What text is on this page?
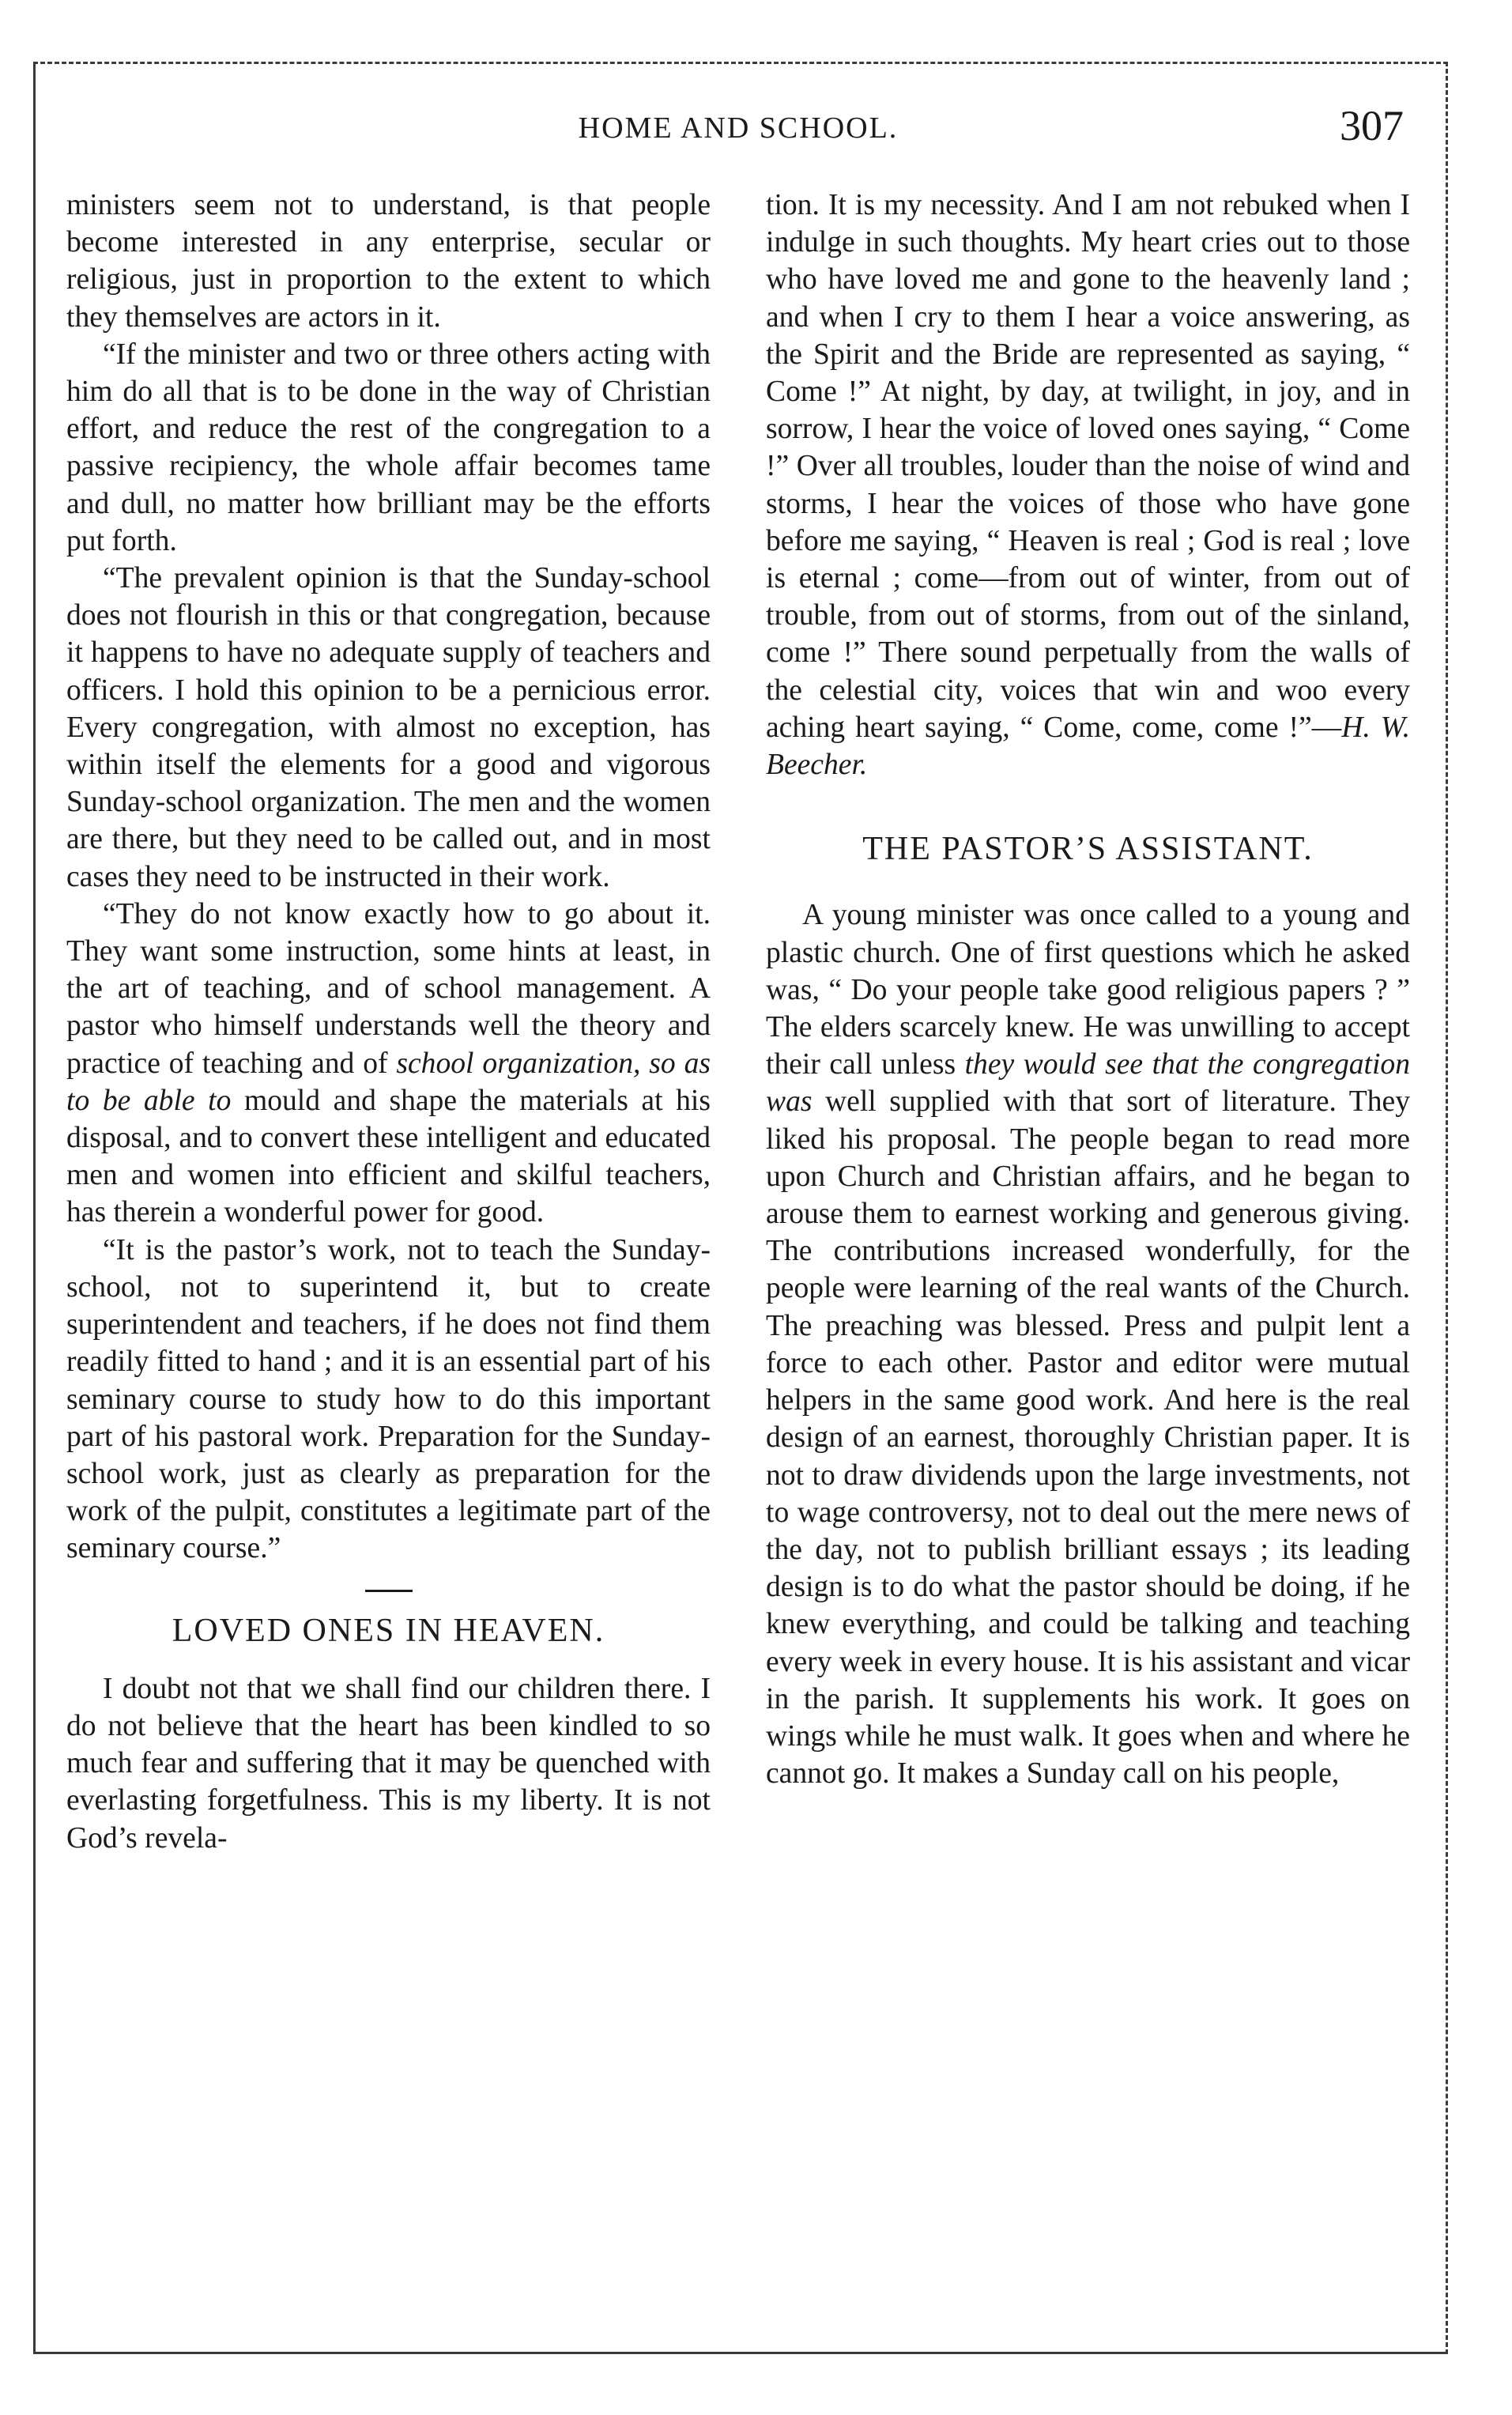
HOME AND SCHOOL.	307

ministers seem not to understand, is that people become interested in any enterprise, secular or religious, just in proportion to the extent to which they themselves are actors in it.

“If the minister and two or three others acting with him do all that is to be done in the way of Christian effort, and reduce the rest of the congregation to a passive recipiency, the whole affair becomes tame and dull, no matter how brilliant may be the efforts put forth.

“The prevalent opinion is that the Sunday-school does not flourish in this or that congregation, because it happens to have no adequate supply of teachers and officers. I hold this opinion to be a pernicious error. Every congregation, with almost no exception, has within itself the elements for a good and vigorous Sunday-school organization. The men and the women are there, but they need to be called out, and in most cases they need to be instructed in their work.

“They do not know exactly how to go about it. They want some instruction, some hints at least, in the art of teaching, and of school management. A pastor who himself understands well the theory and practice of teaching and of school organization, so as to be able to mould and shape the materials at his disposal, and to convert these intelligent and educated men and women into efficient and skilful teachers, has therein a wonderful power for good.

“It is the pastor’s work, not to teach the Sunday-school, not to superintend it, but to create superintendent and teachers, if he does not find them readily fitted to hand ; and it is an essential part of his seminary course to study how to do this important part of his pastoral work. Preparation for the Sunday-school work, just as clearly as preparation for the work of the pulpit, constitutes a legitimate part of the seminary course.”

LOVED ONES IN HEAVEN.

I doubt not that we shall find our children there. I do not believe that the heart has been kindled to so much fear and suffering that it may be quenched with everlasting forgetfulness. This is my liberty. It is not God’s revela-

tion. It is my necessity. And I am not rebuked when I indulge in such thoughts. My heart cries out to those who have loved me and gone to the heavenly land ; and when I cry to them I hear a voice answering, as the Spirit and the Bride are represented as saying, “ Come !” At night, by day, at twilight, in joy, and in sorrow, I hear the voice of loved ones saying, “ Come !” Over all troubles, louder than the noise of wind and storms, I hear the voices of those who have gone before me saying, “ Heaven is real ; God is real ; love is eternal ; come—from out of winter, from out of trouble, from out of storms, from out of the sinland, come !” There sound perpetually from the walls of the celestial city, voices that win and woo every aching heart saying, “ Come, come, come !”—H. W. Beecher.

THE PASTOR’S ASSISTANT.

A young minister was once called to a young and plastic church. One of first questions which he asked was, “ Do your people take good religious papers ? ” The elders scarcely knew. He was unwilling to accept their call unless they would see that the congregation was well supplied with that sort of literature. They liked his proposal. The people began to read more upon Church and Christian affairs, and he began to arouse them to earnest working and generous giving. The contributions increased wonderfully, for the people were learning of the real wants of the Church. The preaching was blessed. Press and pulpit lent a force to each other. Pastor and editor were mutual helpers in the same good work. And here is the real design of an earnest, thoroughly Christian paper. It is not to draw dividends upon the large investments, not to wage controversy, not to deal out the mere news of the day, not to publish brilliant essays ; its leading design is to do what the pastor should be doing, if he knew everything, and could be talking and teaching every week in every house. It is his assistant and vicar in the parish. It supplements his work. It goes on wings while he must walk. It goes when and where he cannot go. It makes a Sunday call on his people,
